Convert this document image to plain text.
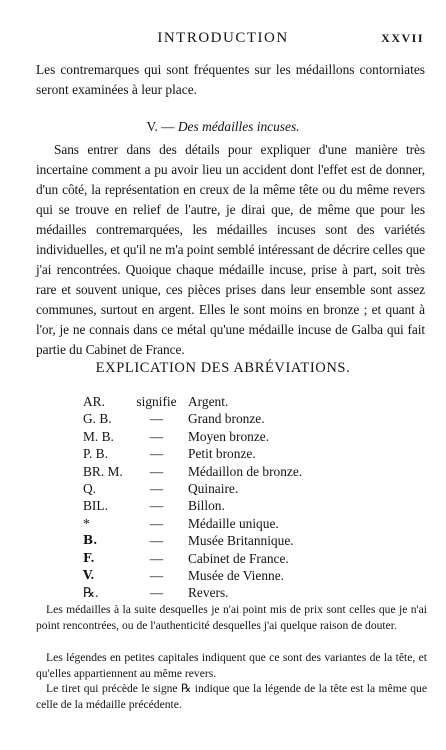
INTRODUCTION	XXVII
Les contremarques qui sont fréquentes sur les médaillons contorniates seront examinées à leur place.
V. — Des médailles incuses.
Sans entrer dans des détails pour expliquer d'une manière très incertaine comment a pu avoir lieu un accident dont l'effet est de donner, d'un côté, la représentation en creux de la même tête ou du même revers qui se trouve en relief de l'autre, je dirai que, de même que pour les médailles contremarquées, les médailles incuses sont des variétés individuelles, et qu'il ne m'a point semblé intéressant de décrire celles que j'ai rencontrées. Quoique chaque médaille incuse, prise à part, soit très rare et souvent unique, ces pièces prises dans leur ensemble sont assez communes, surtout en argent. Elles le sont moins en bronze ; et quant à l'or, je ne connais dans ce métal qu'une médaille incuse de Galba qui fait partie du Cabinet de France.
EXPLICATION DES ABRÉVIATIONS.
AR.	signifie Argent.
G. B.	—	Grand bronze.
M. B.	—	Moyen bronze.
P. B.	—	Petit bronze.
BR. M.	—	Médaillon de bronze.
Q.	—	Quinaire.
BIL.	—	Billon.
*	—	Médaille unique.
B.	—	Musée Britannique.
F.	—	Cabinet de France.
V.	—	Musée de Vienne.
℞.	—	Revers.
Les médailles à la suite desquelles je n'ai point mis de prix sont celles que je n'ai point rencontrées, ou de l'authenticité desquelles j'ai quelque raison de douter.
Les légendes en petites capitales indiquent que ce sont des variantes de la tête, et qu'elles appartiennent au même revers.
Le tiret qui précède le signe ℞ indique que la légende de la tête est la même que celle de la médaille précédente.
